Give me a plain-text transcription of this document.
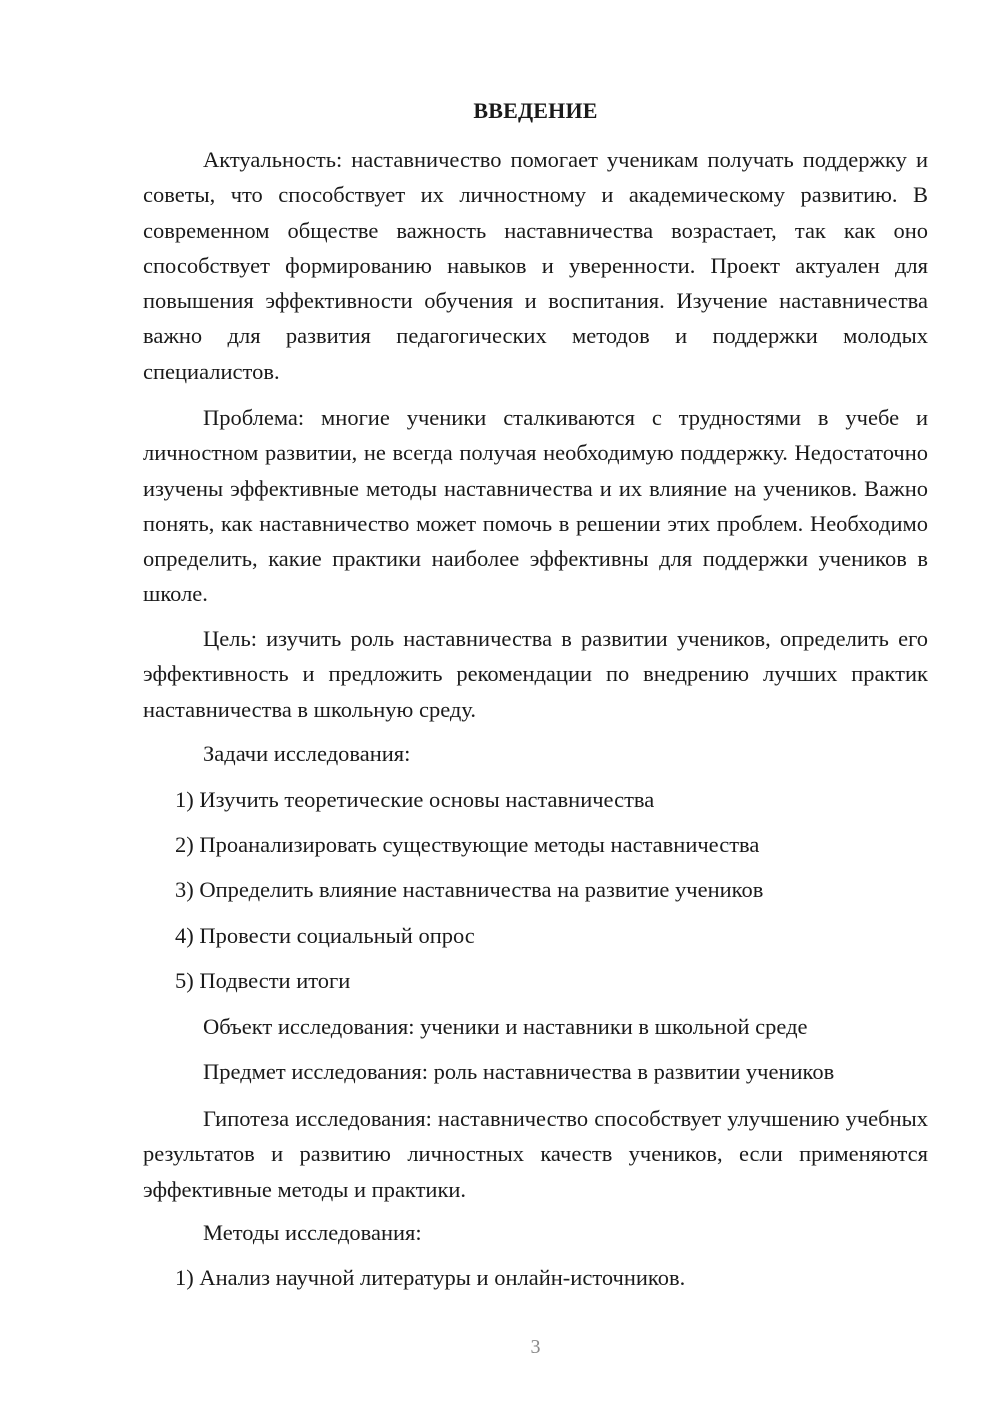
ВВЕДЕНИЕ

Актуальность: наставничество помогает ученикам получать поддержку и советы, что способствует их личностному и академическому развитию. В современном обществе важность наставничества возрастает, так как оно способствует формированию навыков и уверенности. Проект актуален для повышения эффективности обучения и воспитания. Изучение наставничества важно для развития педагогических методов и поддержки молодых специалистов.

Проблема: многие ученики сталкиваются с трудностями в учебе и личностном развитии, не всегда получая необходимую поддержку. Недостаточно изучены эффективные методы наставничества и их влияние на учеников. Важно понять, как наставничество может помочь в решении этих проблем. Необходимо определить, какие практики наиболее эффективны для поддержки учеников в школе.

Цель: изучить роль наставничества в развитии учеников, определить его эффективность и предложить рекомендации по внедрению лучших практик наставничества в школьную среду.

Задачи исследования:
1) Изучить теоретические основы наставничества
2) Проанализировать существующие методы наставничества
3) Определить влияние наставничества на развитие учеников
4) Провести социальный опрос
5) Подвести итоги
Объект исследования: ученики и наставники в школьной среде
Предмет исследования: роль наставничества в развитии учеников

Гипотеза исследования: наставничество способствует улучшению учебных результатов и развитию личностных качеств учеников, если применяются эффективные методы и практики.

Методы исследования:
1) Анализ научной литературы и онлайн-источников.
3
